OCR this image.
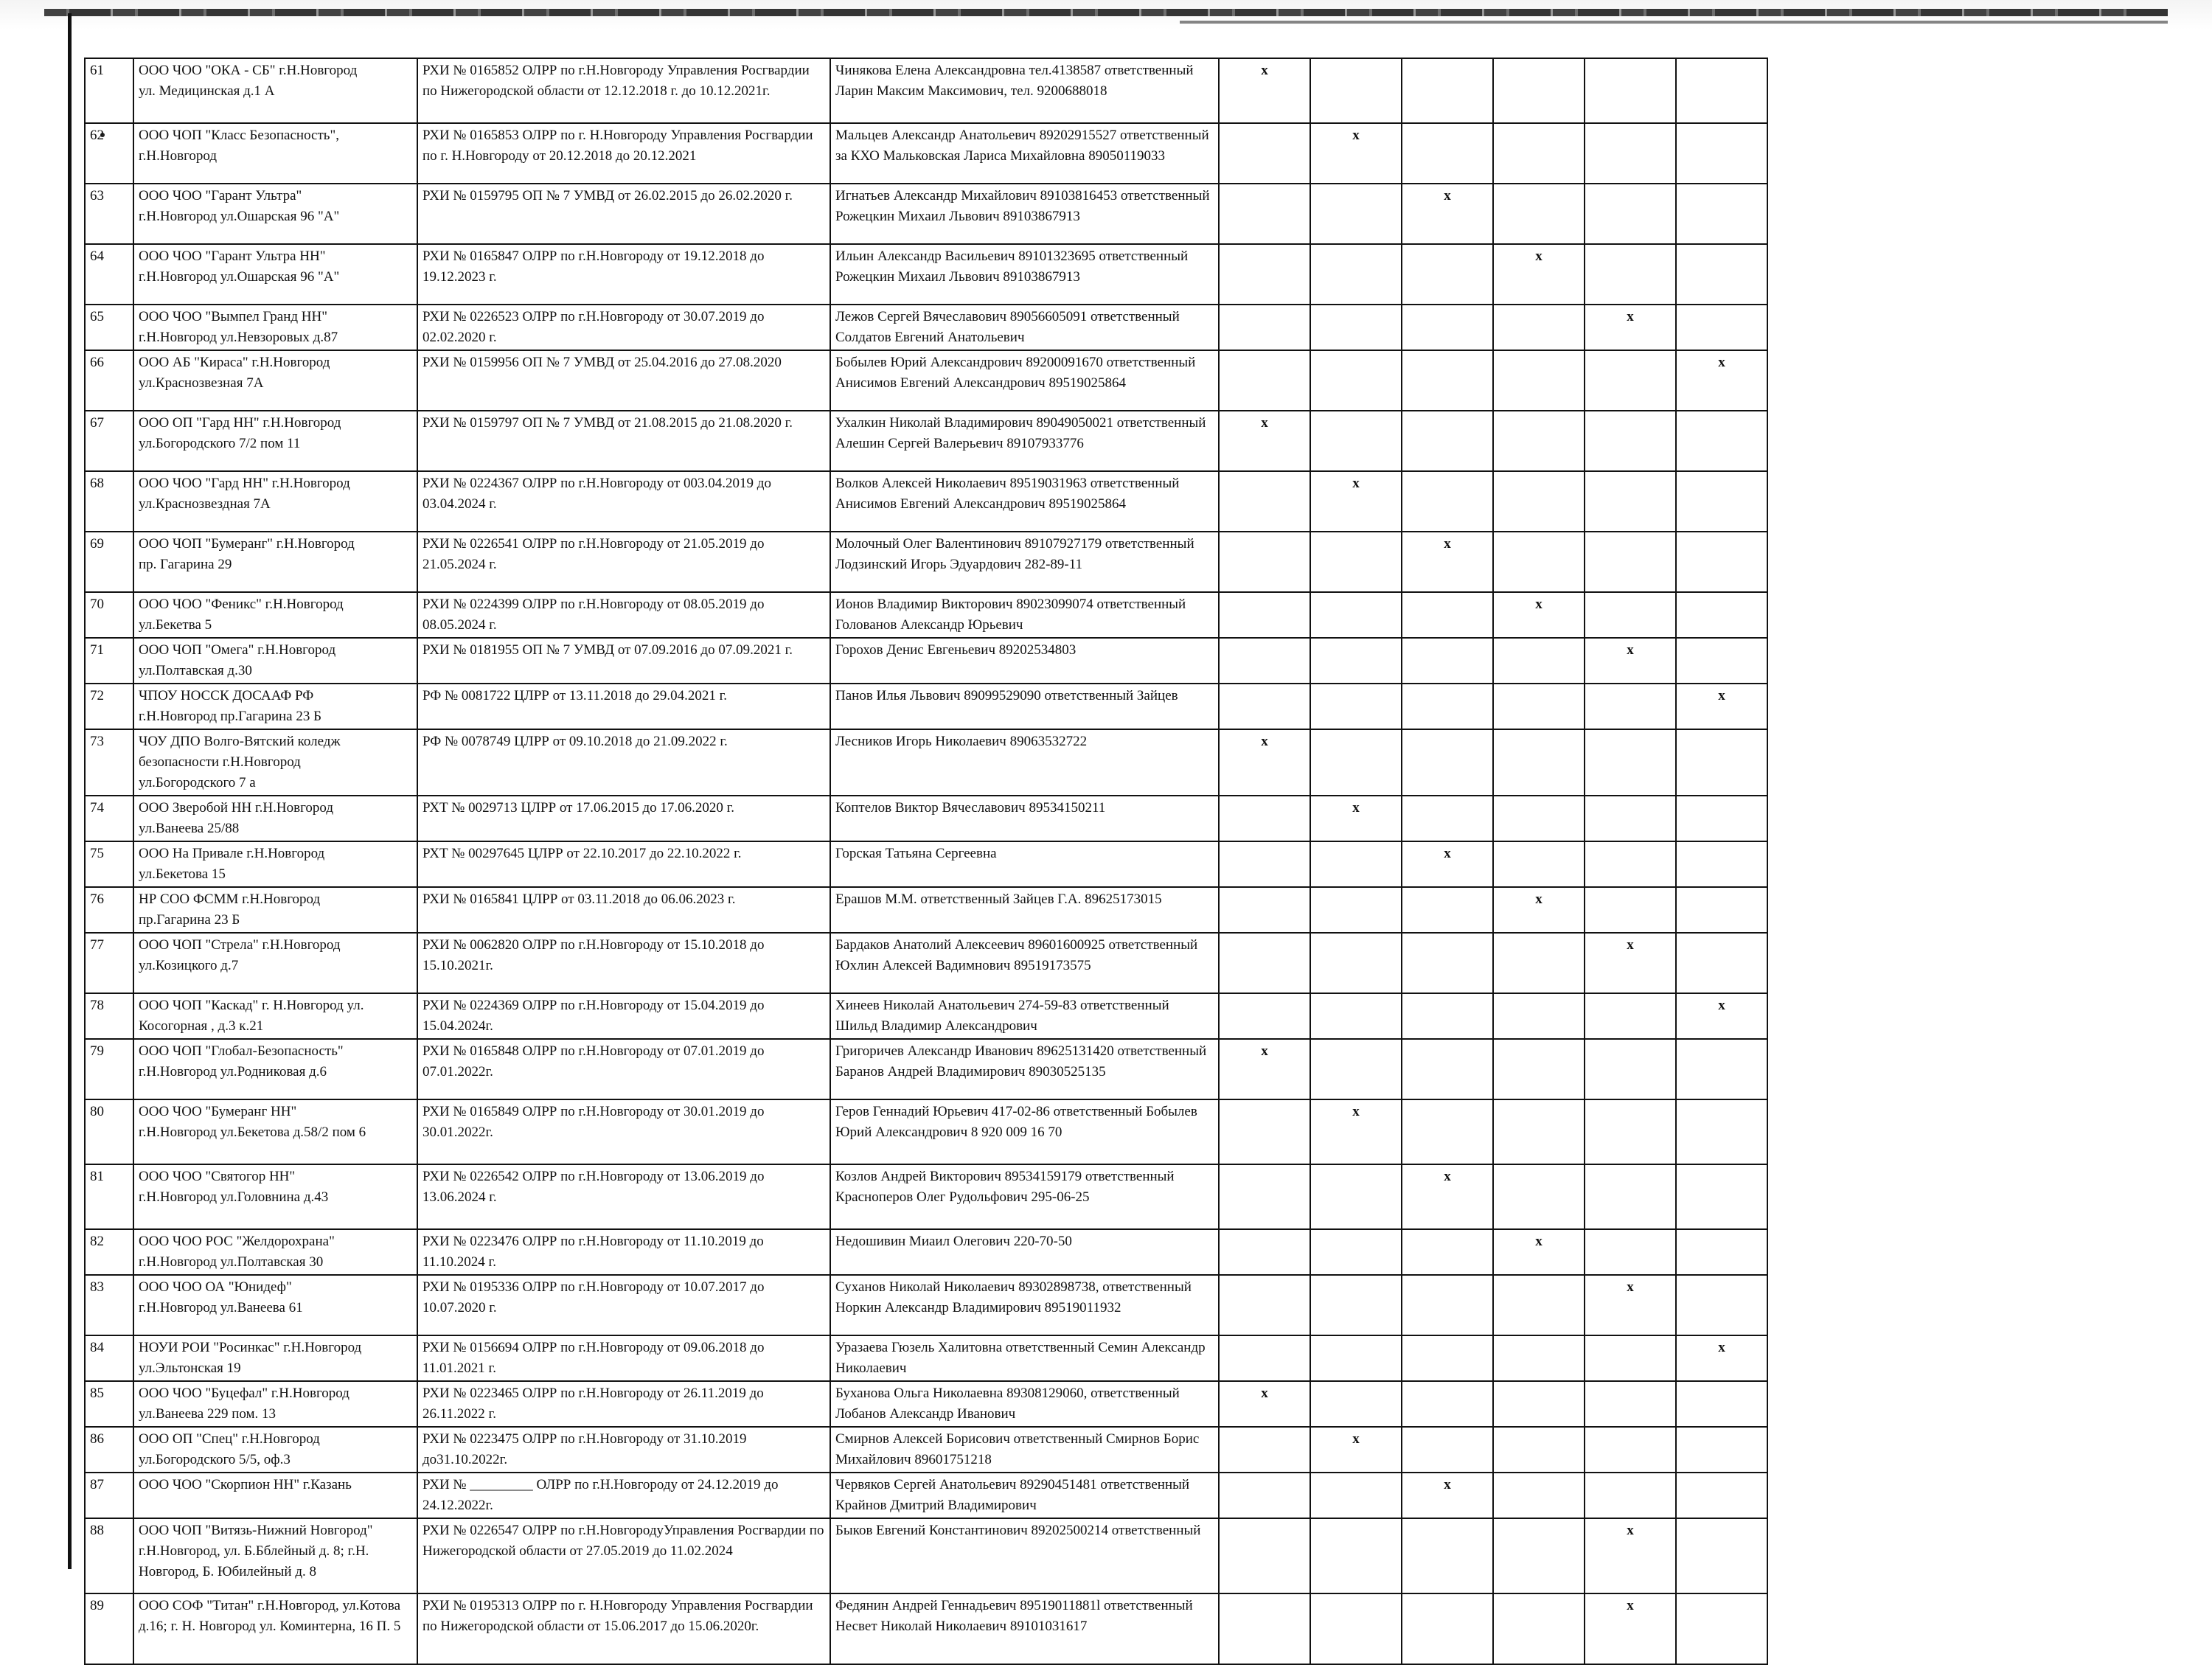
61	ООО ЧОО "ОКА - СБ" г.Н.Новгород
ул. Медицинская д.1 А	РХИ № 0165852 ОЛРР по г.Н.Новгороду Управления Росгвардии по Нижегородской области от 12.12.2018 г. до 10.12.2021г.	Чинякова Елена Александровна тел.4138587 ответственный Ларин Максим Максимович, тел. 9200688018	x					
62	ООО ЧОП "Класс Безопасность",
г.Н.Новгород	РХИ № 0165853 ОЛРР по г. Н.Новгороду Управления Росгвардии по г. Н.Новгороду от 20.12.2018 до 20.12.2021	Мальцев Александр Анатольевич 89202915527 ответственный за КХО Мальковская Лариса Михайловна 89050119033		x				
63	ООО ЧОО "Гарант Ультра"
г.Н.Новгород ул.Ошарская 96 "А"	РХИ № 0159795 ОП № 7 УМВД от 26.02.2015 до 26.02.2020 г.	Игнатьев Александр Михайлович 89103816453 ответственный Рожецкин Михаил Львович 89103867913			x			
64	ООО ЧОО "Гарант Ультра НН"
г.Н.Новгород ул.Ошарская 96 "А"	РХИ № 0165847 ОЛРР по г.Н.Новгороду от 19.12.2018 до 19.12.2023 г.	Ильин Александр Васильевич 89101323695 ответственный Рожецкин Михаил Львович 89103867913				x		
65	ООО ЧОО "Вымпел Гранд НН"
г.Н.Новгород ул.Невзоровых д.87	РХИ № 0226523 ОЛРР по г.Н.Новгороду от 30.07.2019 до 02.02.2020 г.	Лежов Сергей Вячеславович 89056605091 ответственный Солдатов Евгений Анатольевич					x	
66	ООО АБ "Кираса" г.Н.Новгород
ул.Краснозвезная 7А	РХИ № 0159956 ОП № 7 УМВД от 25.04.2016 до 27.08.2020	Бобылев Юрий Александрович 89200091670 ответственный Анисимов Евгений Александрович 89519025864						x
67	ООО ОП "Гард НН" г.Н.Новгород
ул.Богородского 7/2 пом 11	РХИ № 0159797 ОП № 7 УМВД от 21.08.2015 до 21.08.2020 г.	Ухалкин Николай Владимирович 89049050021 ответственный Алешин Сергей Валерьевич 89107933776	x					
68	ООО ЧОО "Гард НН" г.Н.Новгород
ул.Краснозвездная 7А	РХИ № 0224367 ОЛРР по г.Н.Новгороду от 003.04.2019 до 03.04.2024 г.	Волков Алексей Николаевич 89519031963 ответственный Анисимов Евгений Александрович 89519025864		x				
69	ООО ЧОП "Бумеранг" г.Н.Новгород
пр. Гагарина 29	РХИ № 0226541 ОЛРР по г.Н.Новгороду от 21.05.2019 до 21.05.2024 г.	Молочный Олег Валентинович 89107927179 ответственный Лодзинский Игорь Эдуардович 282-89-11			x			
70	ООО ЧОО "Феникс" г.Н.Новгород
ул.Бекетва 5	РХИ № 0224399 ОЛРР по г.Н.Новгороду от 08.05.2019 до 08.05.2024 г.	Ионов Владимир Викторович 89023099074 ответственный Голованов Александр Юрьевич				x		
71	ООО ЧОП "Омега" г.Н.Новгород
ул.Полтавская д.30	РХИ № 0181955 ОП № 7 УМВД от 07.09.2016 до 07.09.2021 г.	Горохов Денис Евгеньевич 89202534803					x	
72	ЧПОУ НОССК ДОСААФ РФ
г.Н.Новгород пр.Гагарина 23 Б	РФ № 0081722 ЦЛРР от 13.11.2018 до 29.04.2021 г.	Панов Илья Львович 89099529090 ответственный Зайцев						x
73	ЧОУ ДПО Волго-Вятский коледж безопасности г.Н.Новгород
ул.Богородского 7 а	РФ № 0078749 ЦЛРР от 09.10.2018 до 21.09.2022 г.	Лесников Игорь Николаевич 89063532722	x					
74	ООО Зверобой НН г.Н.Новгород
ул.Ванеева 25/88	РХТ № 0029713 ЦЛРР от 17.06.2015 до 17.06.2020 г.	Коптелов Виктор Вячеславович 89534150211		x				
75	ООО На Привале г.Н.Новгород
ул.Бекетова 15	РХТ № 00297645 ЦЛРР от 22.10.2017 до 22.10.2022 г.	Горская Татьяна Сергеевна			x			
76	НР СОО ФСММ г.Н.Новгород
пр.Гагарина 23 Б	РХИ № 0165841 ЦЛРР от 03.11.2018 до 06.06.2023 г.	Ерашов М.М. ответственный Зайцев Г.А. 89625173015				x		
77	ООО ЧОП "Стрела" г.Н.Новгород
ул.Козицкого д.7	РХИ № 0062820 ОЛРР по г.Н.Новгороду от 15.10.2018 до 15.10.2021г.	Бардаков Анатолий Алексеевич 89601600925 ответственный Юхлин Алексей Вадимнович 89519173575					x	
78	ООО ЧОП "Каскад" г. Н.Новгород ул. Косогорная , д.3 к.21	РХИ № 0224369 ОЛРР по г.Н.Новгороду от 15.04.2019 до 15.04.2024г.	Хинеев Николай Анатольевич 274-59-83 ответственный Шильд Владимир Александрович						x
79	ООО ЧОП "Глобал-Безопасность"
г.Н.Новгород ул.Родниковая д.6	РХИ № 0165848 ОЛРР по г.Н.Новгороду от 07.01.2019 до 07.01.2022г.	Григоричев Александр Иванович 89625131420 ответственный Баранов Андрей Владимирович 89030525135	x					
80	ООО ЧОО "Бумеранг НН"
г.Н.Новгород ул.Бекетова д.58/2 пом 6	РХИ № 0165849 ОЛРР по г.Н.Новгороду от 30.01.2019 до 30.01.2022г.	Геров Геннадий Юрьевич 417-02-86 ответственный Бобылев Юрий Александрович 8 920 009 16 70		x				
81	ООО ЧОО "Святогор НН"
г.Н.Новгород ул.Головнина д.43	РХИ № 0226542 ОЛРР по г.Н.Новгороду от 13.06.2019 до 13.06.2024 г.	Козлов Андрей Викторович 89534159179 ответственный Красноперов Олег Рудольфович 295-06-25			x			
82	ООО ЧОО РОС "Желдорохрана"
г.Н.Новгород ул.Полтавская 30	РХИ № 0223476 ОЛРР по г.Н.Новгороду от 11.10.2019 до 11.10.2024 г.	Недошивин Миаил Олегович 220-70-50				x		
83	ООО ЧОО ОА "Юнидеф"
г.Н.Новгород ул.Ванеева 61	РХИ № 0195336 ОЛРР по г.Н.Новгороду от 10.07.2017 до 10.07.2020 г.	Суханов Николай Николаевич 89302898738, ответственный Норкин Александр Владимирович 89519011932					x	
84	НОУИ РОИ "Росинкас" г.Н.Новгород
ул.Эльтонская 19	РХИ № 0156694 ОЛРР по г.Н.Новгороду от 09.06.2018 до 11.01.2021 г.	Уразаева Гюзель Халитовна ответственный Семин Александр Николаевич						x
85	ООО ЧОО "Буцефал" г.Н.Новгород
ул.Ванеева 229 пом. 13	РХИ № 0223465 ОЛРР по г.Н.Новгороду от 26.11.2019 до 26.11.2022 г.	Буханова Ольга Николаевна 89308129060, ответственный Лобанов Александр Иванович	x					
86	ООО ОП "Спец" г.Н.Новгород
ул.Богородского 5/5, оф.3	РХИ № 0223475 ОЛРР по г.Н.Новгороду от 31.10.2019 до31.10.2022г.	Смирнов Алексей Борисович ответственный Смирнов Борис Михайлович 89601751218		x				
87	ООО ЧОО "Скорпион НН" г.Казань	РХИ № _________ ОЛРР по г.Н.Новгороду от 24.12.2019 до 24.12.2022г.	Червяков Сергей Анатольевич 89290451481 ответственный Крайнов Дмитрий Владимирович			x			
88	ООО ЧОП "Витязь-Нижний Новгород" г.Н.Новгород, ул. Б.Бблейный д. 8; г.Н. Новгород, Б. Юбилейный д. 8	РХИ № 0226547 ОЛРР по г.Н.НовгородуУправления Росгвардии по Нижегородской области от 27.05.2019 до 11.02.2024	Быков Евгений Константинович 89202500214 ответственный					x	
89	ООО СОФ "Титан" г.Н.Новгород, ул.Котова д.16; г. Н. Новгород ул. Коминтерна, 16 П. 5	РХИ № 0195313 ОЛРР по г. Н.Новгороду Управления Росгвардии по Нижегородской области от 15.06.2017 до 15.06.2020г.	Федянин Андрей Геннадьевич 89519011881l ответственный Несвет Николай Николаевич 89101031617					x	
